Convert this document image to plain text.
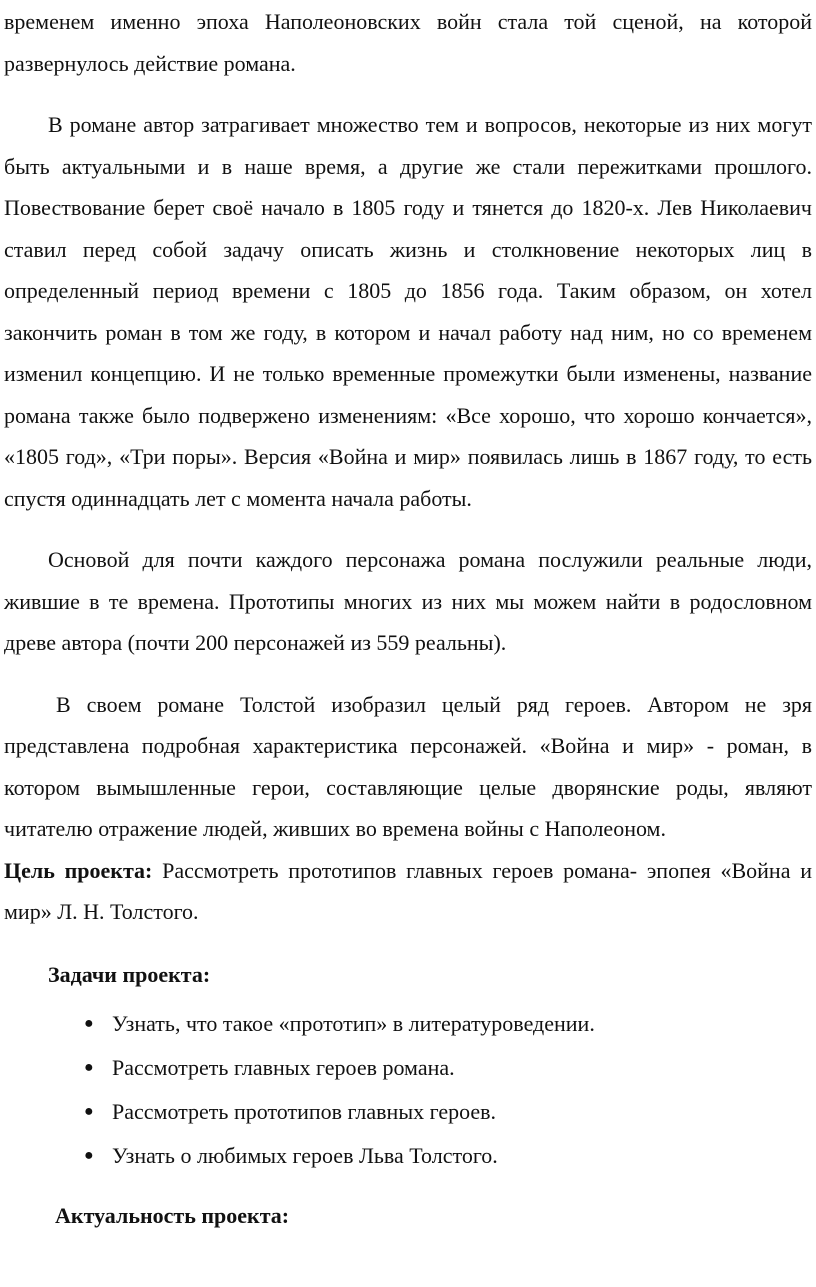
временем именно эпоха Наполеоновских войн стала той сценой, на которой развернулось действие романа.

В романе автор затрагивает множество тем и вопросов, некоторые из них могут быть актуальными и в наше время, а другие же стали пережитками прошлого. Повествование берет своё начало в 1805 году и тянется до 1820-х. Лев Николаевич ставил перед собой задачу описать жизнь и столкновение некоторых лиц в определенный период времени с 1805 до 1856 года. Таким образом, он хотел закончить роман в том же году, в котором и начал работу над ним, но со временем изменил концепцию. И не только временные промежутки были изменены, название романа также было подвержено изменениям: «Все хорошо, что хорошо кончается», «1805 год», «Три поры». Версия «Война и мир» появилась лишь в 1867 году, то есть спустя одиннадцать лет с момента начала работы.

Основой для почти каждого персонажа романа послужили реальные люди, жившие в те времена. Прототипы многих из них мы можем найти в родословном древе автора (почти 200 персонажей из 559 реальны).

В своем романе Толстой изобразил целый ряд героев. Автором не зря представлена подробная характеристика персонажей. «Война и мир» - роман, в котором вымышленные герои, составляющие целые дворянские роды, являют читателю отражение людей, живших во времена войны с Наполеоном.

Цель проекта: Рассмотреть прототипов главных героев романа- эпопея «Война и мир» Л. Н. Толстого.

Задачи проекта:

● Узнать, что такое «прототип» в литературоведении.
● Рассмотреть главных героев романа.
● Рассмотреть прототипов главных героев.
● Узнать о любимых героев Льва Толстого.

Актуальность проекта:
